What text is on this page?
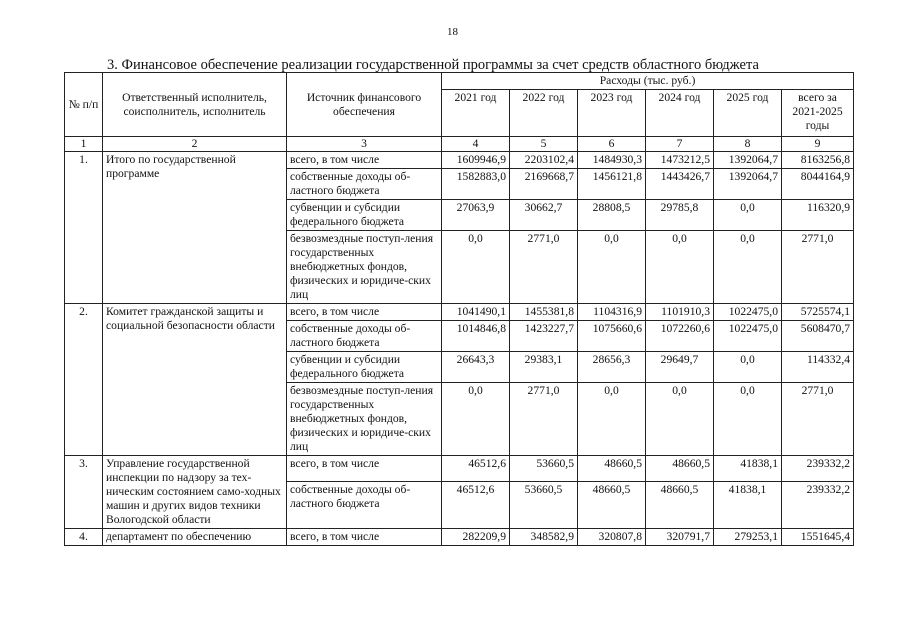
18
3. Финансовое обеспечение реализации государственной программы за счет средств областного бюджета
№ п/п	Ответственный исполнитель, соисполнитель, исполнитель	Источник финансового обеспечения	Расходы (тыс. руб.)					
			2021 год	2022 год	2023 год	2024 год	2025 год	всего за 2021-2025 годы
1	2	3	4	5	6	7	8	9
1.	Итого по государственной программе	всего, в том числе	1609946,9	2203102,4	1484930,3	1473212,5	1392064,7	8163256,8
		собственные доходы об-ластного бюджета	1582883,0	2169668,7	1456121,8	1443426,7	1392064,7	8044164,9
		субвенции и субсидии федерального бюджета	27063,9	30662,7	28808,5	29785,8	0,0	116320,9
		безвозмездные поступ-ления государственных внебюджетных фондов, физических и юридиче-ских лиц	0,0	2771,0	0,0	0,0	0,0	2771,0
2.	Комитет гражданской защиты и социальной безопасности области	всего, в том числе	1041490,1	1455381,8	1104316,9	1101910,3	1022475,0	5725574,1
		собственные доходы об-ластного бюджета	1014846,8	1423227,7	1075660,6	1072260,6	1022475,0	5608470,7
		субвенции и субсидии федерального бюджета	26643,3	29383,1	28656,3	29649,7	0,0	114332,4
		безвозмездные поступ-ления государственных внебюджетных фондов, физических и юридиче-ских лиц	0,0	2771,0	0,0	0,0	0,0	2771,0
3.	Управление государственной инспекции по надзору за тех-ническим состоянием само-ходных машин и других видов техники Вологодской области	всего, в том числе	46512,6	53660,5	48660,5	48660,5	41838,1	239332,2
		собственные доходы об-ластного бюджета	46512,6	53660,5	48660,5	48660,5	41838,1	239332,2
4.	департамент по обеспечению	всего, в том числе	282209,9	348582,9	320807,8	320791,7	279253,1	1551645,4
